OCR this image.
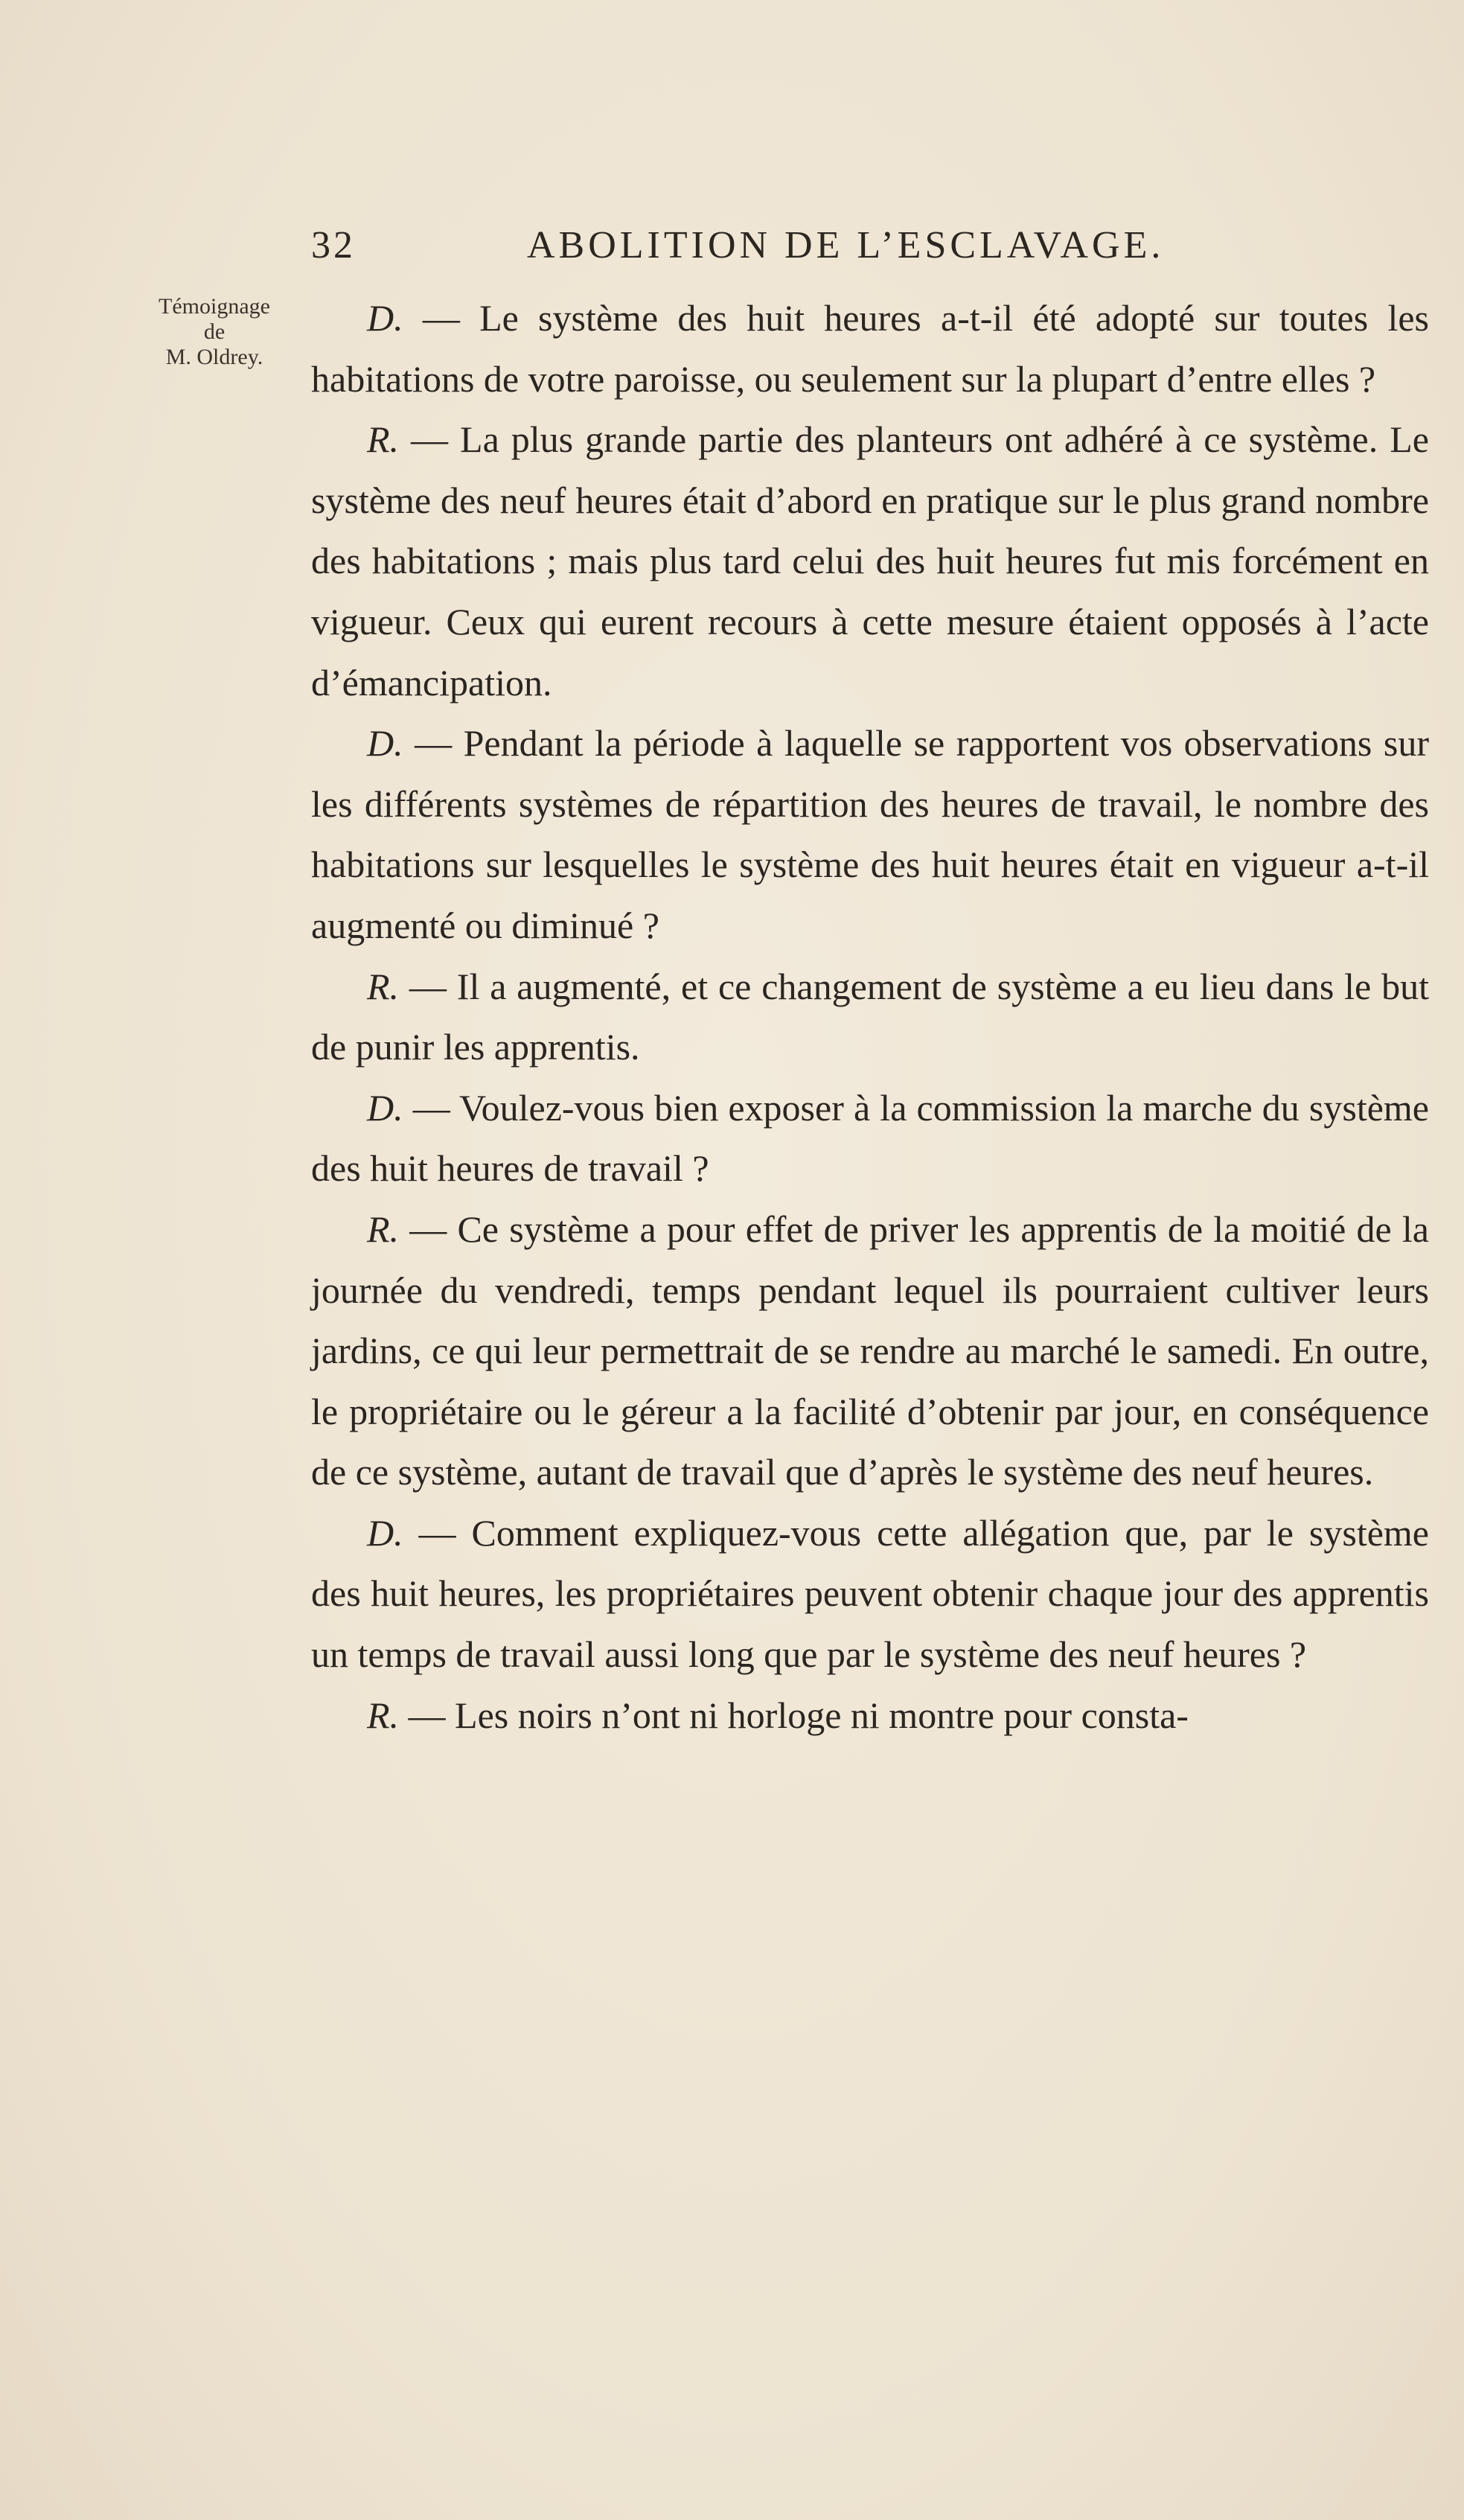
32	ABOLITION DE L’ESCLAVAGE.
Témoignage
de
M. Oldrey.

D. — Le système des huit heures a-t-il été adopté sur toutes les habitations de votre paroisse, ou seulement sur la plupart d’entre elles ?

R. — La plus grande partie des planteurs ont adhéré à ce système. Le système des neuf heures était d’abord en pratique sur le plus grand nombre des habitations ; mais plus tard celui des huit heures fut mis forcément en vigueur. Ceux qui eurent recours à cette mesure étaient opposés à l’acte d’émancipation.

D. — Pendant la période à laquelle se rapportent vos observations sur les différents systèmes de répartition des heures de travail, le nombre des habitations sur lesquelles le système des huit heures était en vigueur a-t-il augmenté ou diminué ?

R. — Il a augmenté, et ce changement de système a eu lieu dans le but de punir les apprentis.

D. — Voulez-vous bien exposer à la commission la marche du système des huit heures de travail ?

R. — Ce système a pour effet de priver les apprentis de la moitié de la journée du vendredi, temps pendant lequel ils pourraient cultiver leurs jardins, ce qui leur permettrait de se rendre au marché le samedi. En outre, le propriétaire ou le géreur a la facilité d’obtenir par jour, en conséquence de ce système, autant de travail que d’après le système des neuf heures.

D. — Comment expliquez-vous cette allégation que, par le système des huit heures, les propriétaires peuvent obtenir chaque jour des apprentis un temps de travail aussi long que par le système des neuf heures ?

R. — Les noirs n’ont ni horloge ni montre pour consta-
